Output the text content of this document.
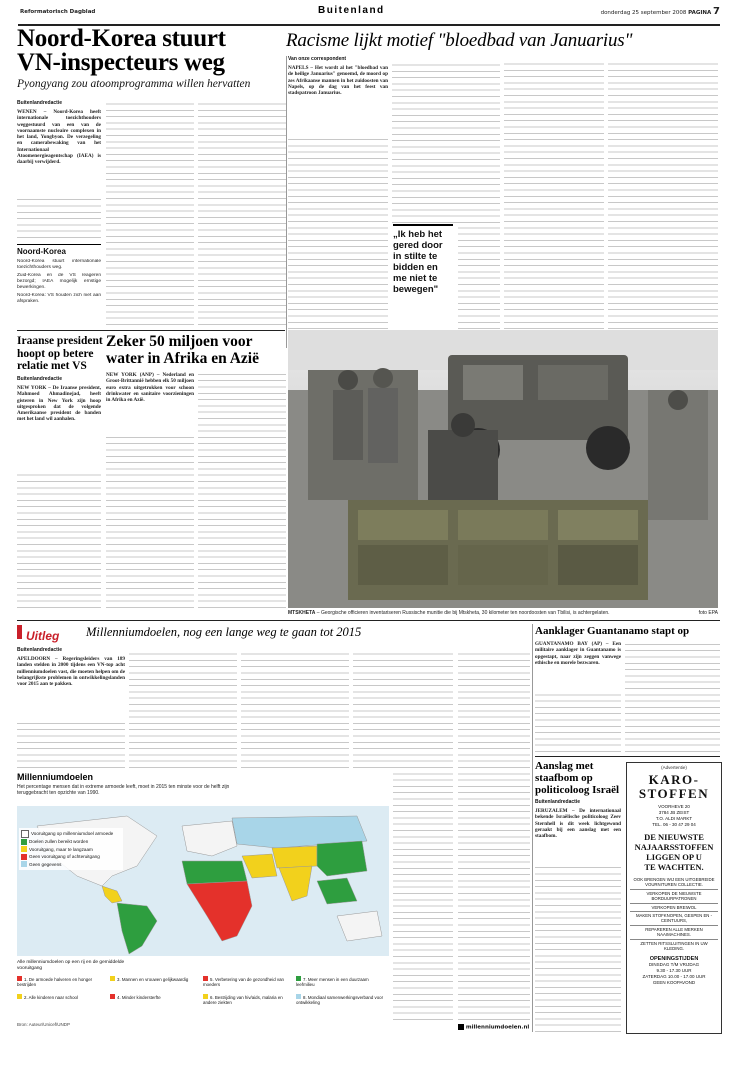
Reformatorisch Dagblad	Buitenland	donderdag 25 september 2008 PAGINA 7
Noord-Korea stuurt
VN-inspecteurs weg
Pyongyang zou atoomprogramma willen hervatten
Buitenlandredactie
WENEN – Noord-Korea heeft internationale toezichthouders weggestuurd van een van de voornaamste nucleaire complexen in het land, Yongbyon. De verzegeling en camerabewaking van het Internationaal Atoomenergieagentschap (IAEA) is daarbij verwijderd.
Noord-Korea
Noord-Korea stuurt internationale toezichthouders weg.
Zuid-Korea en de VS reageren bezorgd; IAEA mogelijk ernstige bewerkingen.
Noord-Korea: VS houden zich niet aan afspraken.
Iraanse president
hoopt op betere
relatie met VS
Buitenlandredactie
NEW YORK – De Iraanse president, Mahmoed Ahmadinejad, heeft gisteren in New York zijn hoop uitgesproken dat de volgende Amerikaanse president de banden met het land wil aanhalen.
Zeker 50 miljoen voor
water in Afrika en Azië
NEW YORK (ANP) – Nederland en Groot-Brittannië hebben elk 50 miljoen euro extra uitgetrokken voor schoon drinkwater en sanitaire voorzieningen in Afrika en Azië.
Racisme lijkt motief "bloedbad van Januarius"
Van onze correspondent
NAPELS – Het wordt al het "bloedbad van de heilige Januarius" genoemd, de moord op zes Afrikaanse mannen in het zuidoosten van Napels, op de dag van het feest van stadspatroon Januarius.
„Ik heb het gered door in stilte te bidden en me niet te bewegen"
MTSKHETA – Georgische officieren inventariseren Russische munitie die bij Mtskheta, 30 kilometer ten noordoosten van Tbilisi, is achtergelaten.	foto EPA
Uitleg	Millenniumdoelen, nog een lange weg te gaan tot 2015
Buitenlandredactie
APELDOORN – Regeringsleiders van 189 landen stelden in 2000 tijdens een VN-top acht millenniumdoelen vast, die moeten helpen om de belangrijkste problemen in ontwikkelingslanden voor 2015 aan te pakken.
millenniumdoelen.nl
Millenniumdoelen
Het percentage mensen dat in extreme armoede leeft, moet in 2015 ten minste voor de helft zijn teruggebracht ten opzichte van 1990.
Vooruitgang op millenniumdoel armoede
Doelen zullen bereikt worden
Vooruitgang, maar te langzaam
Geen vooruitgang of achteruitgang
Geen gegevens
Alle millenniumdoelen op een rij en de gemiddelde vooruitgang
1. De armoede halveren en honger bestrijden
2. Alle kinderen naar school
3. Mannen en vrouwen gelijkwaardig
4. Minder kindersterfte
5. Verbetering van de gezondheid van moeders
6. Bestrijding van hiv/aids, malaria en andere ziekten
7. Meer mensen in een duurzaam leefmilieu
8. Mondiaal samenwerkingsverband voor ontwikkeling
Bron: Auteur/Unicef/UNDP
Aanklager Guantanamo stapt op
GUANTANAMO BAY (AP) – Een militaire aanklager in Guantanamo is opgestapt, naar zijn zeggen vanwege ethische en morele bezwaren.
Aanslag met
staafbom op
politicoloog Israël
Buitenlandredactie
JERUZALEM – De internationaal bekende Israëlische politicoloog Zeev Sternhell is dit week lichtgewond geraakt bij een aanslag met een staafbom.
(Advertentie)
KARO-
STOFFEN
VOORHEVE 20
3784 JB ZEIST
T.O. ALDI MARKT
TEL. 06 - 30 47 29 04
DE NIEUWSTE
NAJAARSSTOFFEN
LIGGEN OP U
TE WACHTEN.
OOK BRENGEN WIJ EEN UITGEBREIDE VOURNITUREN COLLECTIE.
VERKOPEN DE NIEUWSTE BORDUURPATRONEN
VERKOPEN BREIWOL
MAKEN STOFKNOPEN, GESPEN EN -CEINTUURS,
REPAREREN ALLE MERKEN NAAIMACHINES.
ZETTEN RITSSLUITINGEN IN UW KLEDING.
OPENINGSTIJDEN
DINSDAG T/M VRIJDAG
9.30 - 17.30 UUR
ZATERDAG 10.00 - 17.00 UUR
GEEN KOOPAVOND
